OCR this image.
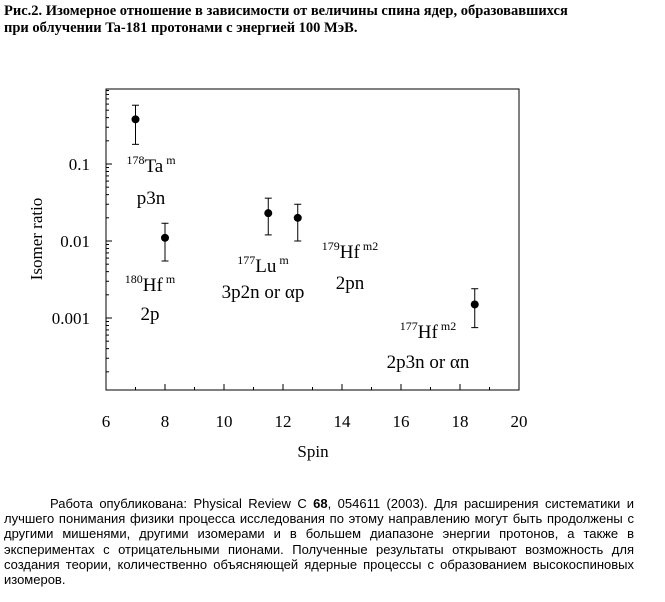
Рис.2. Изомерное отношение в зависимости от величины спина ядер, образовавшихся
при облучении Ta-181 протонами с энергией 100 МэВ.
6	8	10 12 14 16 18 20
0.001
0.01
0.1	178Ta m
p3n
180Hf m
2p
177Lu m
3p2n or αp
179Hf m2
2pn
177Hf m2
2p3n or αn
Spin
Isomer ratio
Работа опубликована: Physical Review C 68, 054611 (2003). Для расширения систематики и лучшего понимания физики процесса исследования по этому направлению могут быть продолжены с другими мишенями, другими изомерами и в большем диапазоне энергии протонов, а также в экспериментах с отрицательными пионами. Полученные результаты открывают возможность для создания теории, количественно объясняющей ядерные процессы с образованием высокоспиновых изомеров.
